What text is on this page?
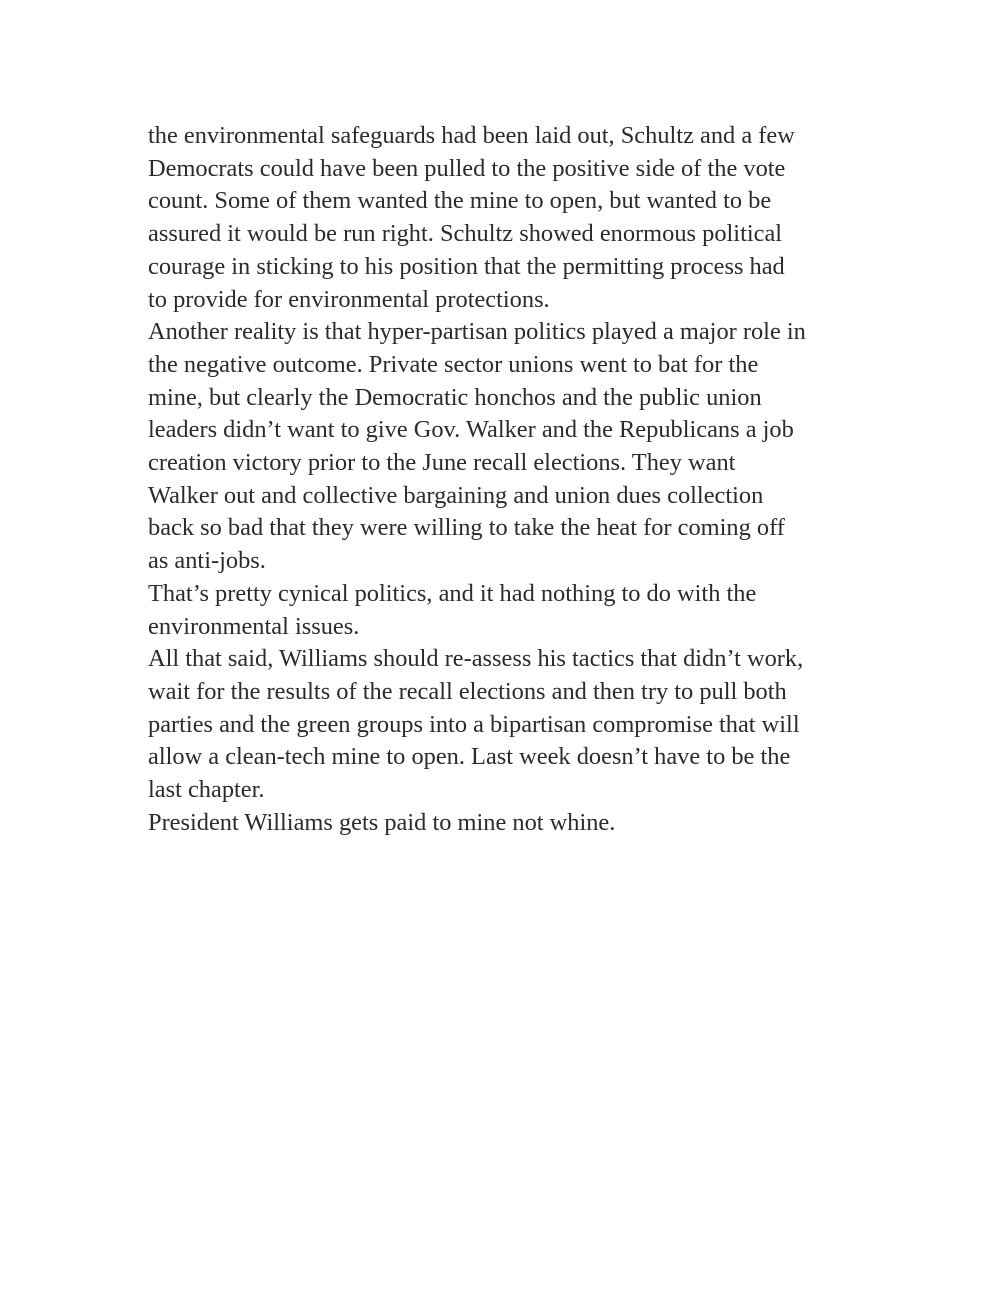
the environmental safeguards had been laid out, Schultz and a few
Democrats could have been pulled to the positive side of the vote
count. Some of them wanted the mine to open, but wanted to be
assured it would be run right. Schultz showed enormous political
courage in sticking to his position that the permitting process had
to provide for environmental protections.
Another reality is that hyper-partisan politics played a major role in
the negative outcome. Private sector unions went to bat for the
mine, but clearly the Democratic honchos and the public union
leaders didn’t want to give Gov. Walker and the Republicans a job
creation victory prior to the June recall elections. They want
Walker out and collective bargaining and union dues collection
back so bad that they were willing to take the heat for coming off
as anti-jobs.
That’s pretty cynical politics, and it had nothing to do with the
environmental issues.
All that said, Williams should re-assess his tactics that didn’t work,
wait for the results of the recall elections and then try to pull both
parties and the green groups into a bipartisan compromise that will
allow a clean-tech mine to open. Last week doesn’t have to be the
last chapter.
President Williams gets paid to mine not whine.
